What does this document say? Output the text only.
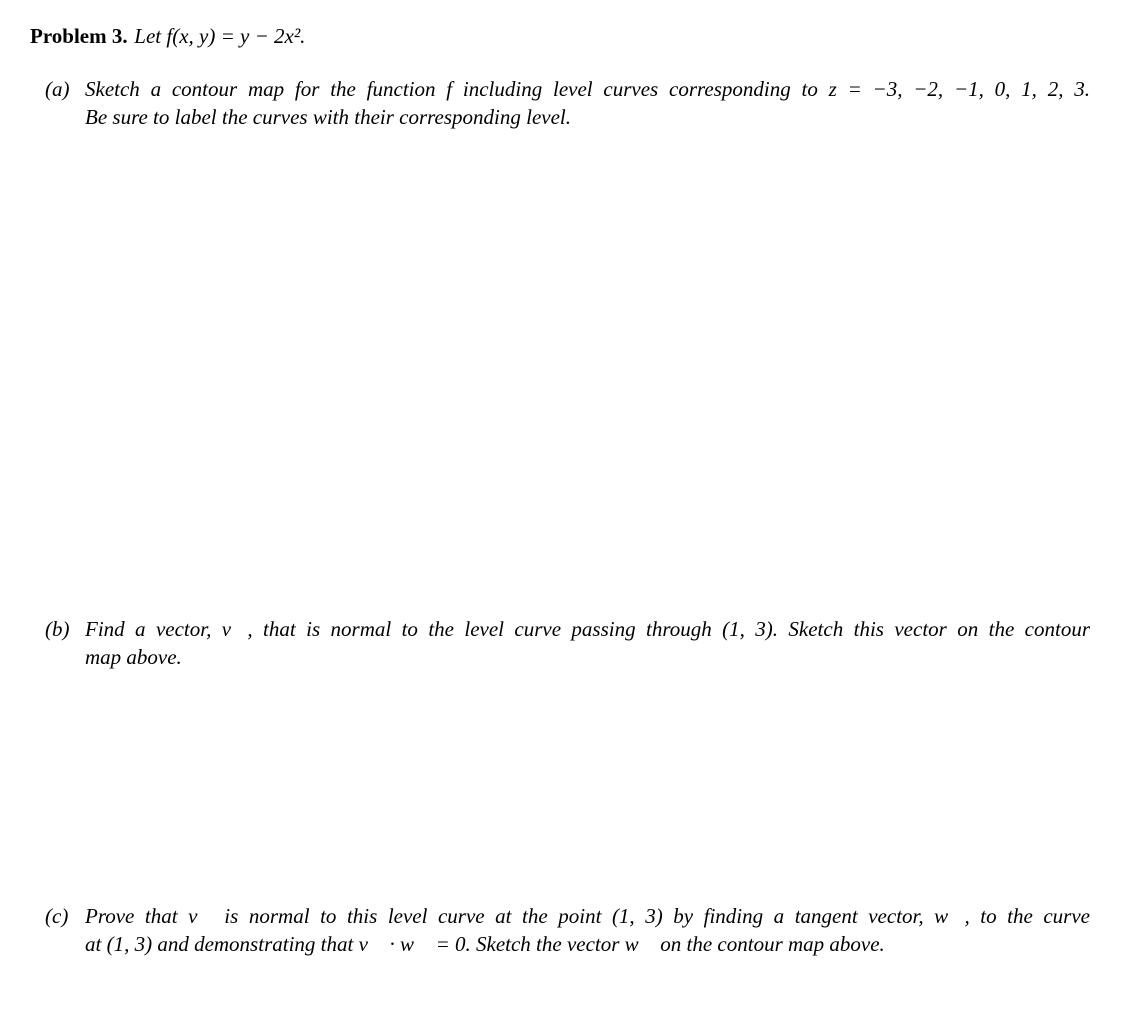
Problem 3. Let f(x, y) = y − 2x².
(a) Sketch a contour map for the function f including level curves corresponding to z = −3, −2, −1, 0, 1, 2, 3.
Be sure to label the curves with their corresponding level.
(b) Find a vector, v⃗, that is normal to the level curve passing through (1, 3). Sketch this vector on the contour
map above.
(c) Prove that v⃗ is normal to this level curve at the point (1, 3) by finding a tangent vector, w⃗, to the curve
at (1, 3) and demonstrating that v⃗ · w⃗ = 0. Sketch the vector w⃗ on the contour map above.
